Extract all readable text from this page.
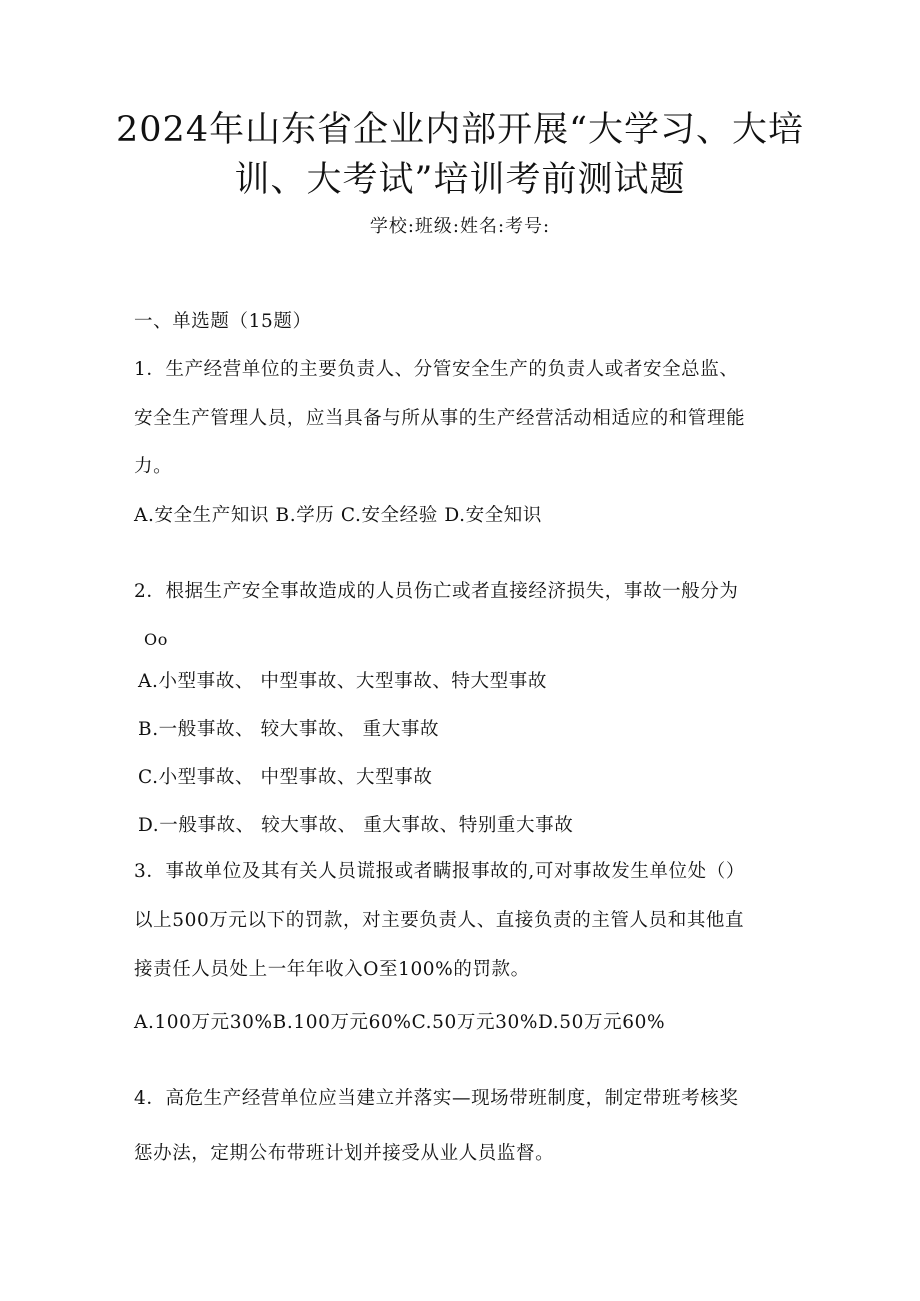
2024年山东省企业内部开展“大学习、大培
训、大考试”培训考前测试题
学校:班级:姓名:考号:
一、单选题（15题）
1．生产经营单位的主要负责人、分管安全生产的负责人或者安全总监、
安全生产管理人员，应当具备与所从事的生产经营活动相适应的和管理能
力。
A.安全生产知识 B.学历 C.安全经验 D.安全知识
2．根据生产安全事故造成的人员伤亡或者直接经济损失，事故一般分为
Oo
A.小型事故、 中型事故、大型事故、特大型事故
B.一般事故、 较大事故、 重大事故
C.小型事故、 中型事故、大型事故
D.一般事故、 较大事故、 重大事故、特别重大事故
3．事故单位及其有关人员谎报或者瞒报事故的,可对事故发生单位处（）
以上500万元以下的罚款，对主要负责人、直接负责的主管人员和其他直
接责任人员处上一年年收入O至100%的罚款。
A.100万元30%B.100万元60%C.50万元30%D.50万元60%
4．高危生产经营单位应当建立并落实—现场带班制度，制定带班考核奖
惩办法，定期公布带班计划并接受从业人员监督。
